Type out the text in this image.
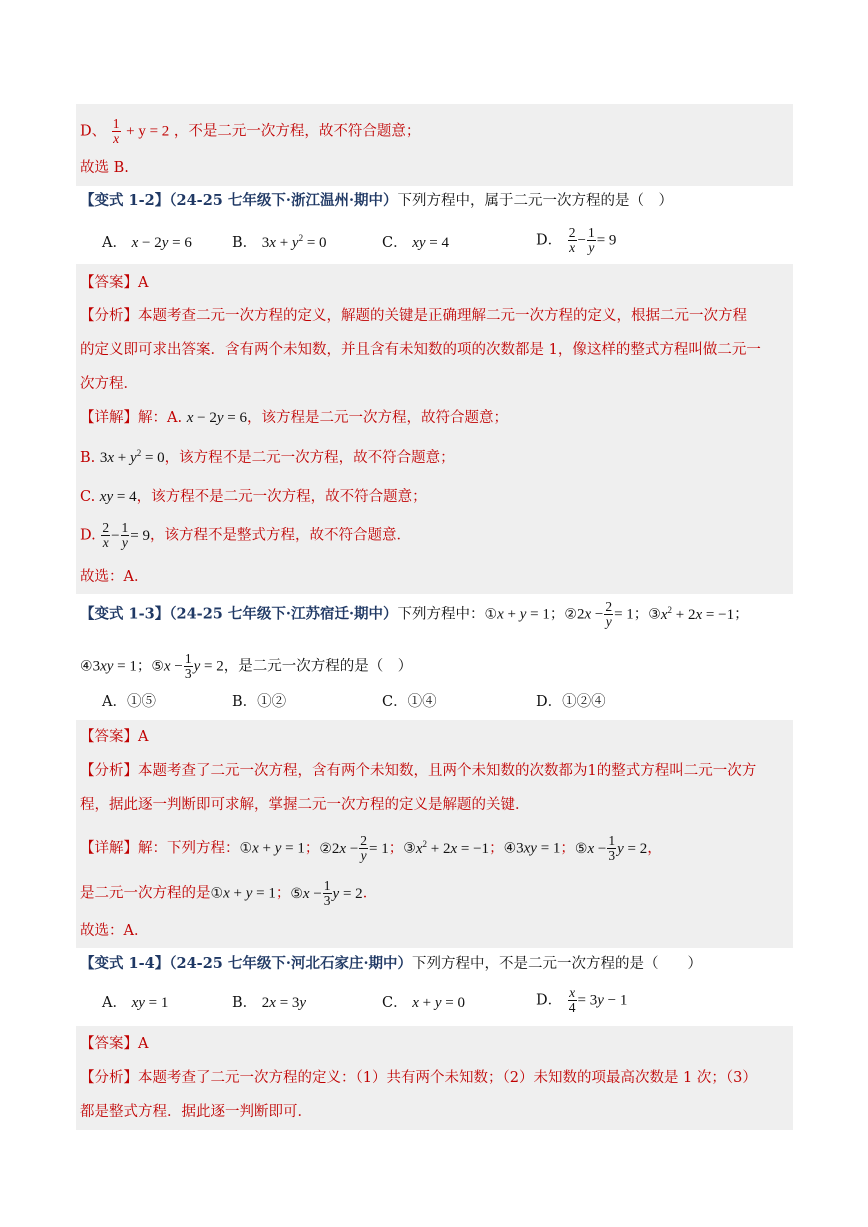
D、 $\frac{1}{x} + y = 2$ ，不是二元一次方程，故不符合题意；
故选 B.
【变式 1-2】（24-25 七年级下·浙江温州·期中）下列方程中，属于二元一次方程的是（　）
A． x − 2y = 6	B． $3x + y^2 = 0$	C． xy = 4	D． $\frac{2}{x} - \frac{1}{y} = 9$
【答案】A
【分析】本题考查二元一次方程的定义，解题的关键是正确理解二元一次方程的定义，根据二元一次方程
的定义即可求出答案．含有两个未知数，并且含有未知数的项的次数都是 1，像这样的整式方程叫做二元一
次方程．
【详解】解：A. x − 2y = 6，该方程是二元一次方程，故符合题意；
B. $3x + y^2 = 0$，该方程不是二元一次方程，故不符合题意；
C. xy = 4，该方程不是二元一次方程，故不符合题意；
D. $\frac{2}{x} - \frac{1}{y} = 9$，该方程不是整式方程，故不符合题意．
故选：A．
【变式 1-3】（24-25 七年级下·江苏宿迁·期中）下列方程中：①x + y = 1；②2x − $\frac{2}{y} = 1$；$③x^2 + 2x = -1$；
④3xy = 1；⑤x − $\frac{1}{3}$ y = 2，是二元一次方程的是（　）
A．①⑤	B．①②	C．①④	D．①②④
【答案】A
【分析】本题考查了二元一次方程，含有两个未知数，且两个未知数的次数都为1的整式方程叫二元一次方
程，据此逐一判断即可求解，掌握二元一次方程的定义是解题的关键．
【详解】解：下列方程：①x + y = 1；②2x − $\frac{2}{y} = 1$；$③x^2 + 2x = -1$；④3xy = 1；⑤x − $\frac{1}{3}$ y = 2，
是二元一次方程的是①x + y = 1；⑤x − $\frac{1}{3}$ y = 2．
故选：A．
【变式 1-4】（24-25 七年级下·河北石家庄·期中）下列方程中，不是二元一次方程的是（　　）
A． xy = 1	B． 2x = 3y	C． x + y = 0	D． $\frac{x}{4} = 3y - 1$
【答案】A
【分析】本题考查了二元一次方程的定义：（1）共有两个未知数；（2）未知数的项最高次数是 1 次；（3）
都是整式方程．据此逐一判断即可．
